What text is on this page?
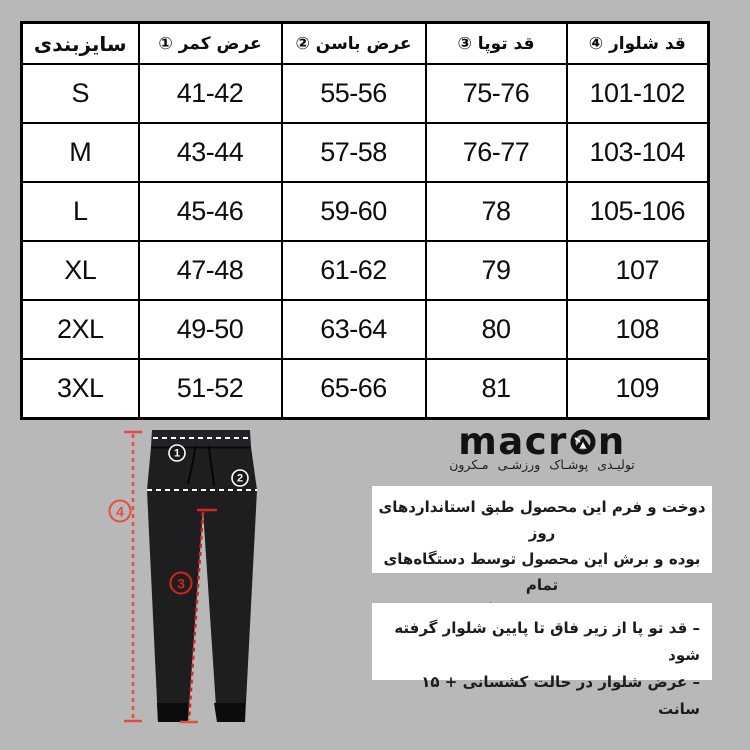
سایزبندی	عرض کمر ①	عرض باسن ②	قد توپا ③	قد شلوار ④
S	41-42	55-56	75-76	101-102
M	43-44	57-58	76-77	103-104
L	45-46	59-60	78	105-106
XL	47-48	61-62	79	107
2XL	49-50	63-64	80	108
3XL	51-52	65-66	81	109
1
2
4
3
macr n
تولیـدی پوشـاک ورزشـی مـکرون
دوخت و فرم این محصول طبق استانداردهای روز
بوده و برش این محصول توسط دستگاه‌های تمام
– قد تو پا از زیر فاق تا پایین شلوار گرفته شود
– عرض شلوار در حالت کشسانی + ۱۵ سانت
